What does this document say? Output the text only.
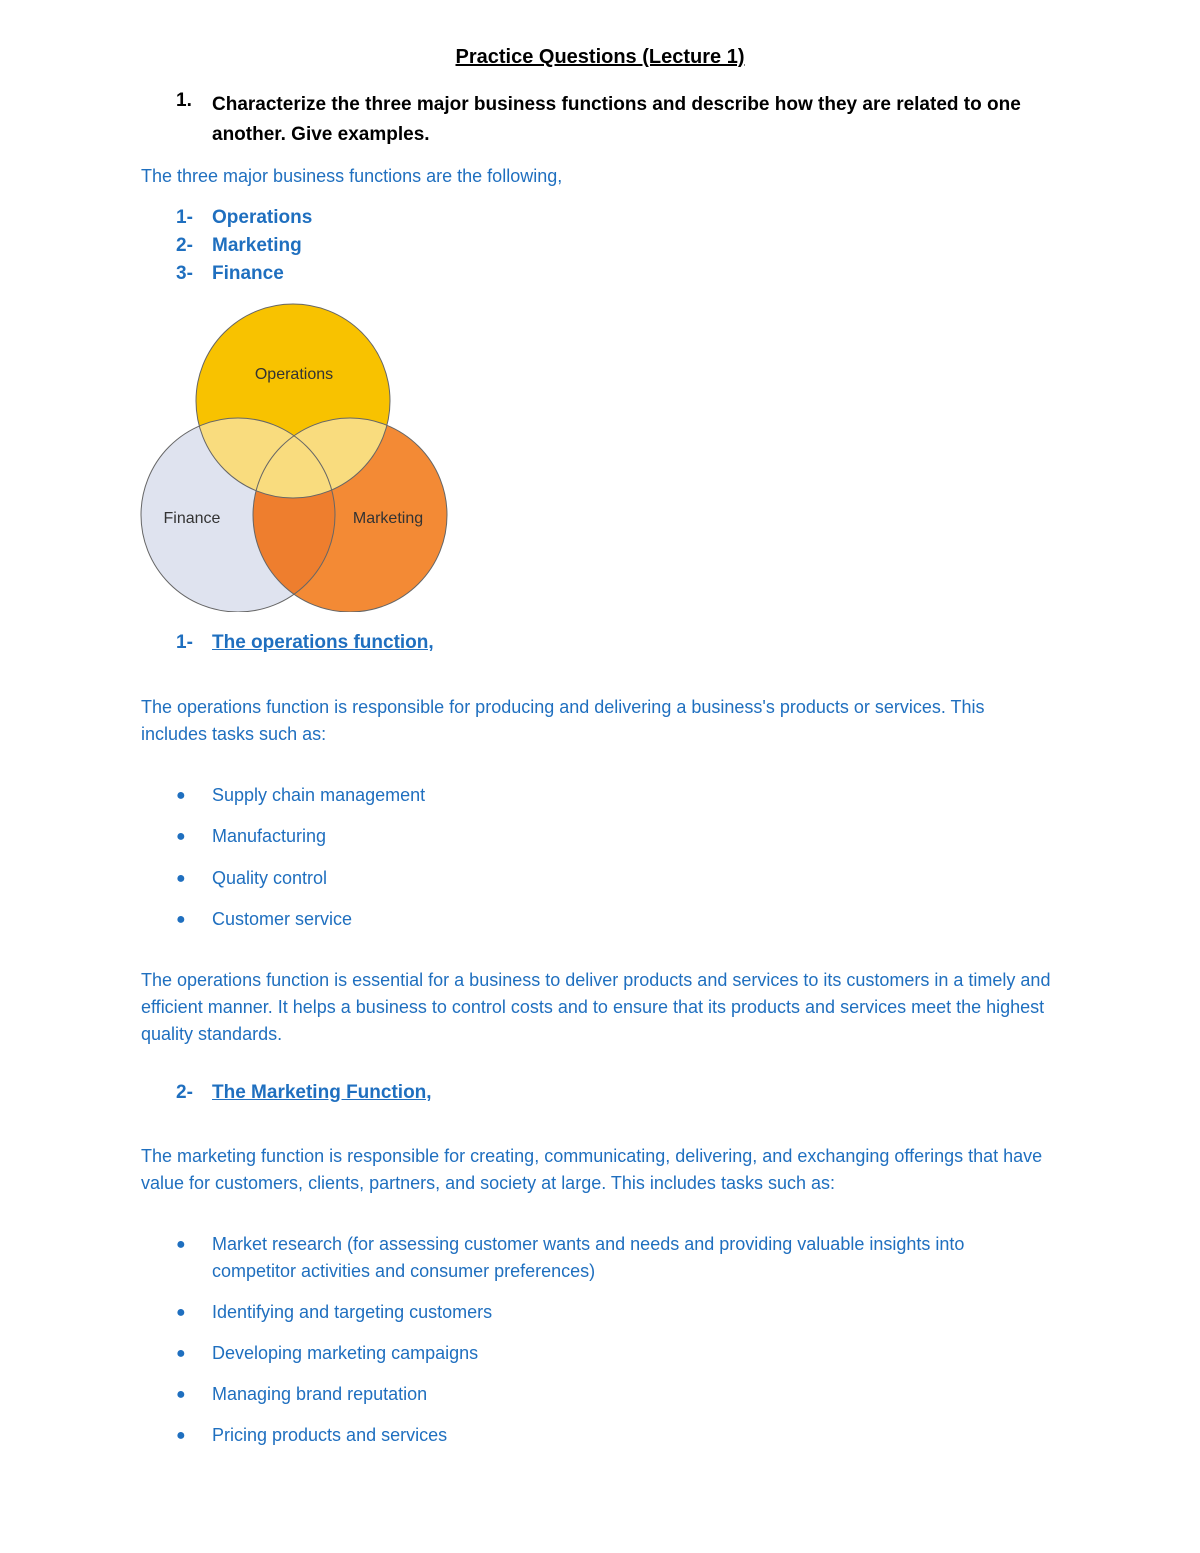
Practice Questions (Lecture 1)
1. Characterize the three major business functions and describe how they are related to one another. Give examples.
The three major business functions are the following,
1- Operations
2- Marketing
3- Finance
Operations
Finance	Marketing
1- The operations function,
The operations function is responsible for producing and delivering a business's products or services. This includes tasks such as:
● Supply chain management
● Manufacturing
● Quality control
● Customer service
The operations function is essential for a business to deliver products and services to its customers in a timely and efficient manner. It helps a business to control costs and to ensure that its products and services meet the highest quality standards.
2- The Marketing Function,
The marketing function is responsible for creating, communicating, delivering, and exchanging offerings that have value for customers, clients, partners, and society at large. This includes tasks such as:
● Market research (for assessing customer wants and needs and providing valuable insights into competitor activities and consumer preferences)
● Identifying and targeting customers
● Developing marketing campaigns
● Managing brand reputation
● Pricing products and services
